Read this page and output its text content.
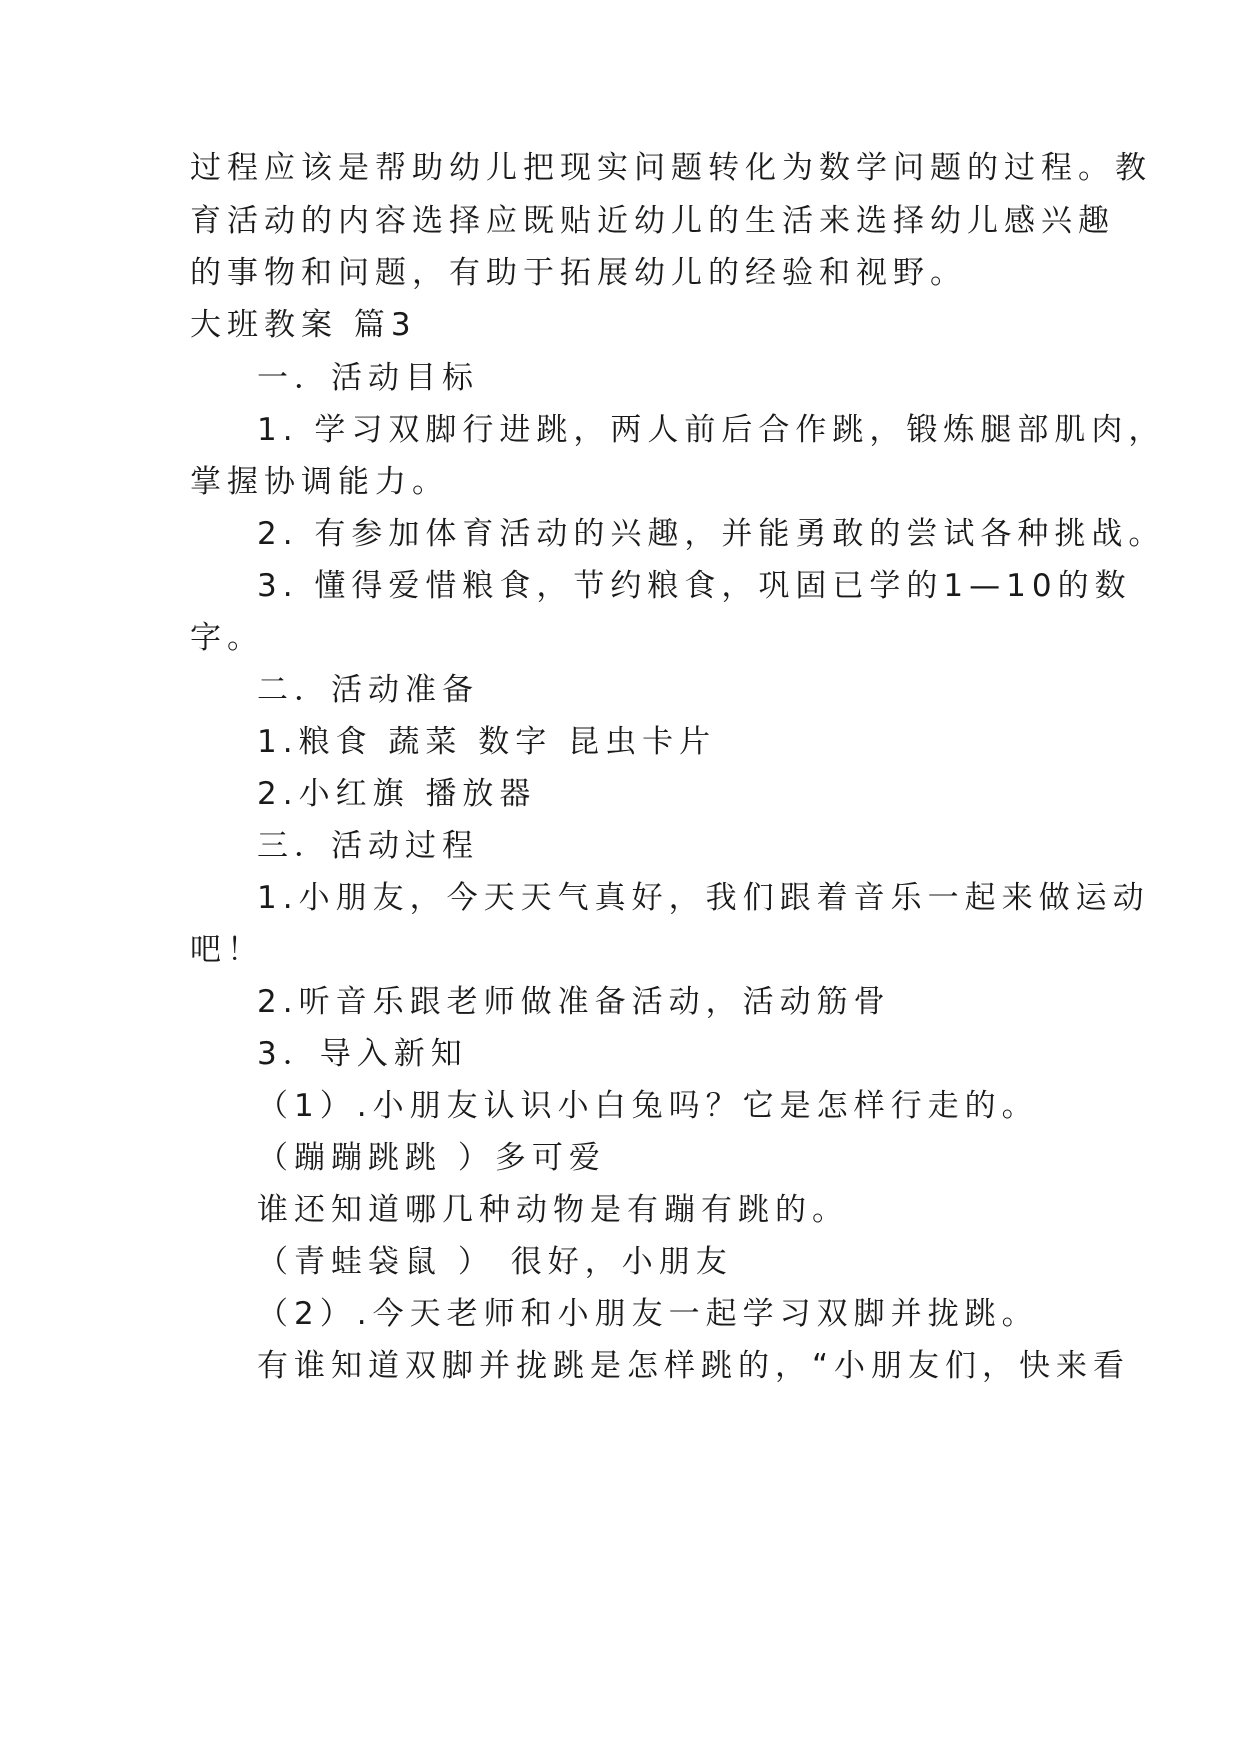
过程应该是帮助幼儿把现实问题转化为数学问题的过程。教
育活动的内容选择应既贴近幼儿的生活来选择幼儿感兴趣
的事物和问题，有助于拓展幼儿的经验和视野。
大班教案 篇3
一．活动目标
1. 学习双脚行进跳，两人前后合作跳，锻炼腿部肌肉，
掌握协调能力。
2. 有参加体育活动的兴趣，并能勇敢的尝试各种挑战。
3. 懂得爱惜粮食，节约粮食，巩固已学的1—10的数
字。
二．活动准备
1.粮食 蔬菜 数字 昆虫卡片
2.小红旗 播放器
三．活动过程
1.小朋友，今天天气真好，我们跟着音乐一起来做运动
吧！
2.听音乐跟老师做准备活动，活动筋骨
3．导入新知
（1）.小朋友认识小白兔吗？它是怎样行走的。
（蹦蹦跳跳 ）多可爱
谁还知道哪几种动物是有蹦有跳的。
（青蛙袋鼠 ） 很好，小朋友
（2）.今天老师和小朋友一起学习双脚并拢跳。
有谁知道双脚并拢跳是怎样跳的，“小朋友们，快来看
